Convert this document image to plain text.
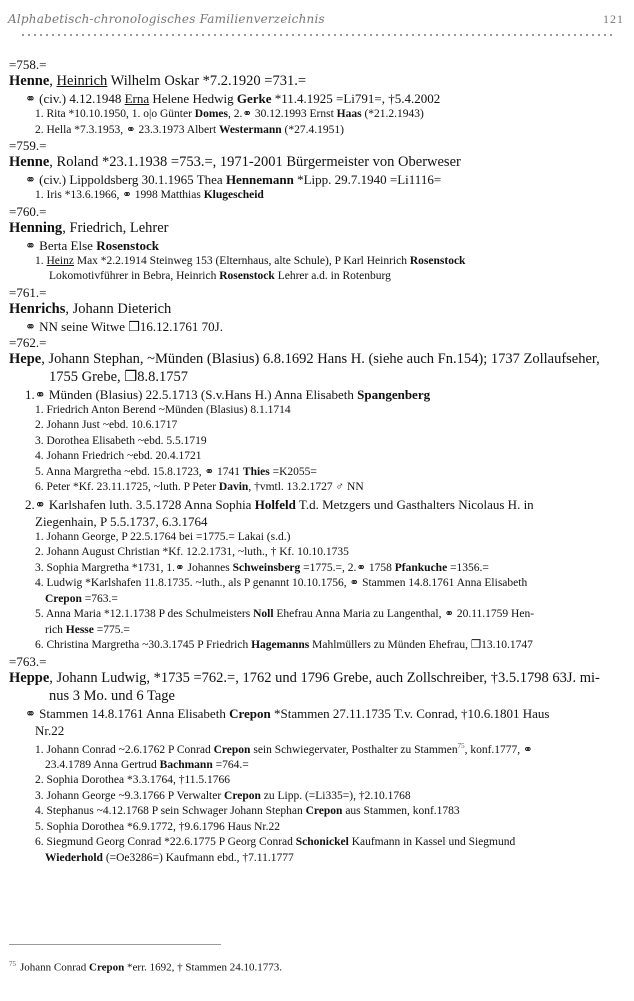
Alphabetisch-chronologisches Familienverzeichnis	121
=758.=
Henne, Heinrich Wilhelm Oskar *7.2.1920 =731.=
⚭ (civ.) 4.12.1948 Erna Helene Hedwig Gerke *11.4.1925 =Li791=, †5.4.2002
1. Rita *10.10.1950, 1. o|o Günter Domes, 2.⚭ 30.12.1993 Ernst Haas (*21.2.1943)
2. Hella *7.3.1953, ⚭ 23.3.1973 Albert Westermann (*27.4.1951)
=759.=
Henne, Roland *23.1.1938 =753.=, 1971-2001 Bürgermeister von Oberweser
⚭ (civ.) Lippoldsberg 30.1.1965 Thea Hennemann *Lipp. 29.7.1940 =Li1116=
1. Iris *13.6.1966, ⚭ 1998 Matthias Klugescheid
=760.=
Henning, Friedrich, Lehrer
⚭ Berta Else Rosenstock
1. Heinz Max *2.2.1914 Steinweg 153 (Elternhaus, alte Schule), P Karl Heinrich Rosenstock
Lokomotivführer in Bebra, Heinrich Rosenstock Lehrer a.d. in Rotenburg
=761.=
Henrichs, Johann Dieterich
⚭ NN seine Witwe ❒16.12.1761 70J.
=762.=
Hepe, Johann Stephan, ~Münden (Blasius) 6.8.1692 Hans H. (siehe auch Fn.154); 1737 Zollaufseher,
1755 Grebe, ❒8.8.1757
1.⚭ Münden (Blasius) 22.5.1713 (S.v.Hans H.) Anna Elisabeth Spangenberg
1. Friedrich Anton Berend ~Münden (Blasius) 8.1.1714
2. Johann Just ~ebd. 10.6.1717
3. Dorothea Elisabeth ~ebd. 5.5.1719
4. Johann Friedrich ~ebd. 20.4.1721
5. Anna Margretha ~ebd. 15.8.1723, ⚭ 1741 Thies =K2055=
6. Peter *Kf. 23.11.1725, ~luth. P Peter Davin, †vmtl. 13.2.1727 ♂ NN
2.⚭ Karlshafen luth. 3.5.1728 Anna Sophia Holfeld T.d. Metzgers und Gasthalters Nicolaus H. in
Ziegenhain, P 5.5.1737, 6.3.1764
1. Johann George, P 22.5.1764 bei =1775.= Lakai (s.d.)
2. Johann August Christian *Kf. 12.2.1731, ~luth., † Kf. 10.10.1735
3. Sophia Margretha *1731, 1.⚭ Johannes Schweinsberg =1775.=, 2.⚭ 1758 Pfankuche =1356.=
4. Ludwig *Karlshafen 11.8.1735. ~luth., als P genannt 10.10.1756, ⚭ Stammen 14.8.1761 Anna Elisabeth
Crepon =763.=
5. Anna Maria *12.1.1738 P des Schulmeisters Noll Ehefrau Anna Maria zu Langenthal, ⚭ 20.11.1759 Hen-
rich Hesse =775.=
6. Christina Margretha ~30.3.1745 P Friedrich Hagemanns Mahlmüllers zu Münden Ehefrau, ❒13.10.1747
=763.=
Heppe, Johann Ludwig, *1735 =762.=, 1762 und 1796 Grebe, auch Zollschreiber, †3.5.1798 63J. mi-
nus 3 Mo. und 6 Tage
⚭ Stammen 14.8.1761 Anna Elisabeth Crepon *Stammen 27.11.1735 T.v. Conrad, †10.6.1801 Haus
Nr.22
1. Johann Conrad ~2.6.1762 P Conrad Crepon sein Schwiegervater, Posthalter zu Stammen$^{75}$, konf.1777, ⚭
23.4.1789 Anna Gertrud Bachmann =764.=
2. Sophia Dorothea *3.3.1764, †11.5.1766
3. Johann George ~9.3.1766 P Verwalter Crepon zu Lipp. (=Li335=), †2.10.1768
4. Stephanus ~4.12.1768 P sein Schwager Johann Stephan Crepon aus Stammen, konf.1783
5. Sophia Dorothea *6.9.1772, †9.6.1796 Haus Nr.22
6. Siegmund Georg Conrad *22.6.1775 P Georg Conrad Schonickel Kaufmann in Kassel und Siegmund
Wiederhold (=Oe3286=) Kaufmann ebd., †7.11.1777
$^{75}$ Johann Conrad Crepon *err. 1692, † Stammen 24.10.1773.
